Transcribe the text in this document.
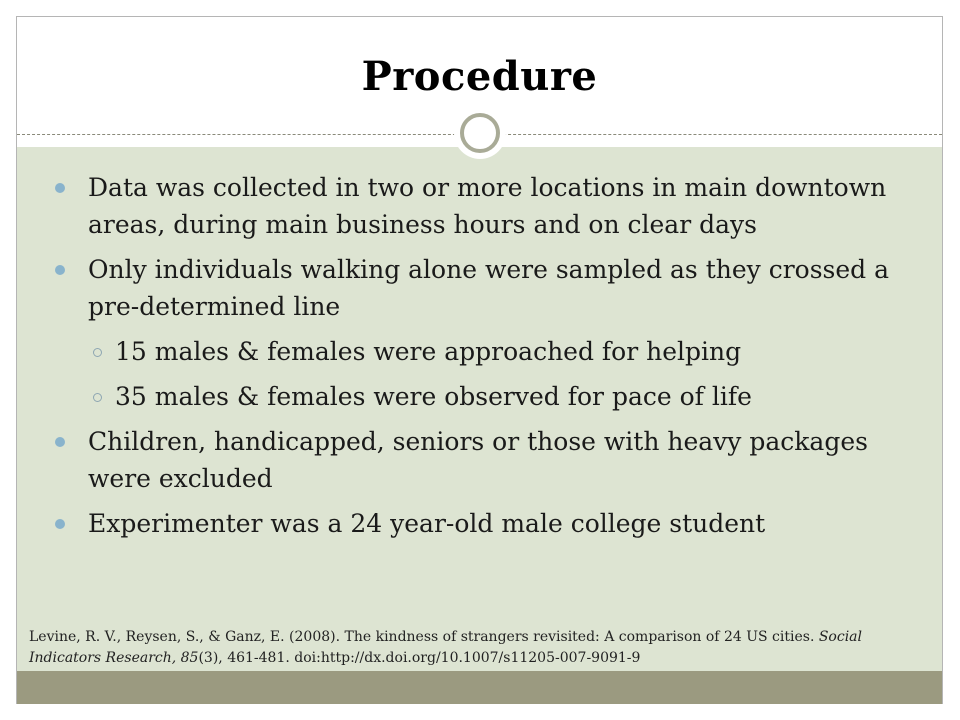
Procedure
Data was collected in two or more locations in main downtown areas, during main business hours and on clear days
Only individuals walking alone were sampled as they crossed a pre-determined line
15 males & females were approached for helping
35 males & females were observed for pace of life
Children, handicapped, seniors or those with heavy packages were excluded
Experimenter was a 24 year-old male college student
Levine, R. V., Reysen, S., & Ganz, E. (2008). The kindness of strangers revisited: A comparison of 24 US cities. Social Indicators Research, 85(3), 461-481. doi:http://dx.doi.org/10.1007/s11205-007-9091-9
